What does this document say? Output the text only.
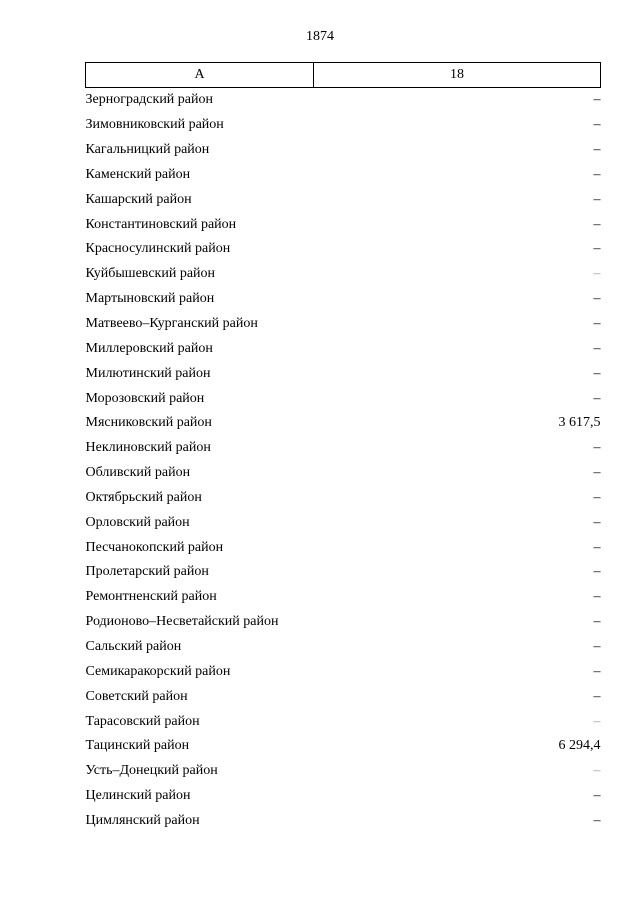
1874
А	18
Зерноградский район	–
Зимовниковский район	–
Кагальницкий район	–
Каменский район	–
Кашарский район	–
Константиновский район	–
Красносулинский район	–
Куйбышевский район	–
Мартыновский район	–
Матвеево–Курганский район	–
Миллеровский район	–
Милютинский район	–
Морозовский район	–
Мясниковский район	3 617,5
Неклиновский район	–
Обливский район	–
Октябрьский район	–
Орловский район	–
Песчанокопский район	–
Пролетарский район	–
Ремонтненский район	–
Родионово–Несветайский район	–
Сальский район	–
Семикаракорский район	–
Советский район	–
Тарасовский район	–
Тацинский район	6 294,4
Усть–Донецкий район	–
Целинский район	–
Цимлянский район	–
